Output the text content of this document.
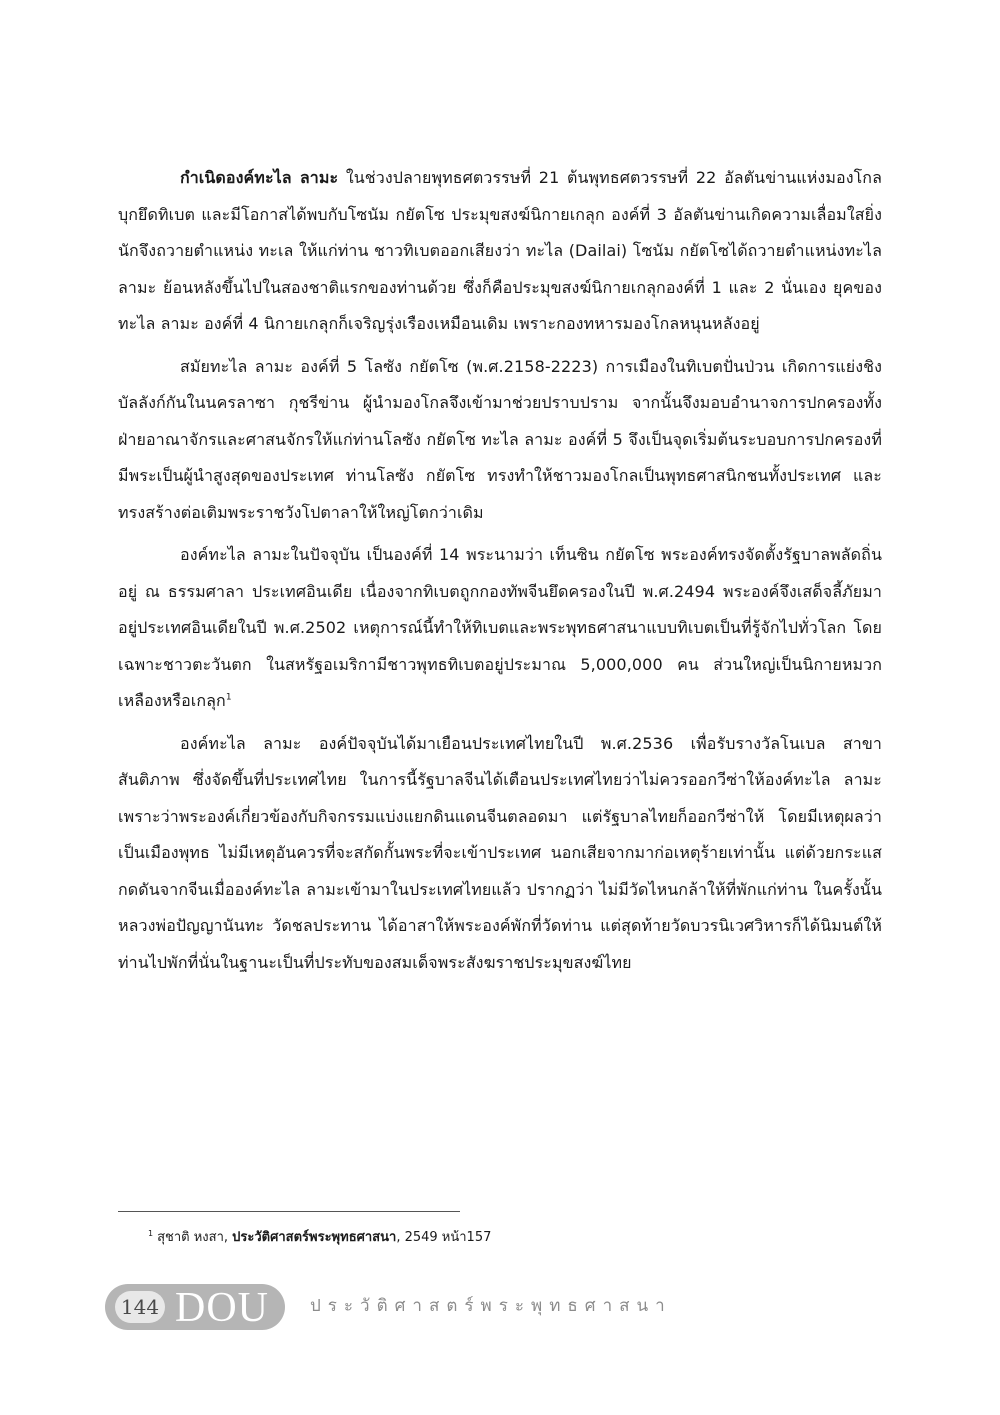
กำเนิดองค์ทะไล ลามะ ในช่วงปลายพุทธศตวรรษที่ 21 ต้นพุทธศตวรรษที่ 22 อัลตันข่านแห่งมองโกลบุกยึดทิเบต และมีโอกาสได้พบกับโซนัม กยัตโซ ประมุขสงฆ์นิกายเกลุก องค์ที่ 3 อัลตันข่านเกิดความเลื่อมใสยิ่งนักจึงถวายตำแหน่ง ทะเล ให้แก่ท่าน ชาวทิเบตออกเสียงว่า ทะไล (Dailai) โซนัม กยัตโซได้ถวายตำแหน่งทะไล ลามะ ย้อนหลังขึ้นไปในสองชาติแรกของท่านด้วย ซึ่งก็คือประมุขสงฆ์นิกายเกลุกองค์ที่ 1 และ 2 นั่นเอง ยุคของทะไล ลามะ องค์ที่ 4 นิกายเกลุกก็เจริญรุ่งเรืองเหมือนเดิม เพราะกองทหารมองโกลหนุนหลังอยู่

สมัยทะไล ลามะ องค์ที่ 5 โลซัง กยัตโซ (พ.ศ.2158-2223) การเมืองในทิเบตปั่นป่วน เกิดการแย่งชิงบัลลังก์กันในนครลาซา กุชรีข่าน ผู้นำมองโกลจึงเข้ามาช่วยปราบปราม จากนั้นจึงมอบอำนาจการปกครองทั้งฝ่ายอาณาจักรและศาสนจักรให้แก่ท่านโลซัง กยัตโซ ทะไล ลามะ องค์ที่ 5 จึงเป็นจุดเริ่มต้นระบอบการปกครองที่มีพระเป็นผู้นำสูงสุดของประเทศ ท่านโลซัง กยัตโซ ทรงทำให้ชาวมองโกลเป็นพุทธศาสนิกชนทั้งประเทศ และทรงสร้างต่อเติมพระราชวังโปตาลาให้ใหญ่โตกว่าเดิม

องค์ทะไล ลามะในปัจจุบัน เป็นองค์ที่ 14 พระนามว่า เท็นซิน กยัตโซ พระองค์ทรงจัดตั้งรัฐบาลพลัดถิ่นอยู่ ณ ธรรมศาลา ประเทศอินเดีย เนื่องจากทิเบตถูกกองทัพจีนยึดครองในปี พ.ศ.2494 พระองค์จึงเสด็จลี้ภัยมาอยู่ประเทศอินเดียในปี พ.ศ.2502 เหตุการณ์นี้ทำให้ทิเบตและพระพุทธศาสนาแบบทิเบตเป็นที่รู้จักไปทั่วโลก โดยเฉพาะชาวตะวันตก ในสหรัฐอเมริกามีชาวพุทธทิเบตอยู่ประมาณ 5,000,000 คน ส่วนใหญ่เป็นนิกายหมวกเหลืองหรือเกลุก$^1$

องค์ทะไล ลามะ องค์ปัจจุบันได้มาเยือนประเทศไทยในปี พ.ศ.2536 เพื่อรับรางวัลโนเบล สาขาสันติภาพ ซึ่งจัดขึ้นที่ประเทศไทย ในการนี้รัฐบาลจีนได้เตือนประเทศไทยว่าไม่ควรออกวีซ่าให้องค์ทะไล ลามะ เพราะว่าพระองค์เกี่ยวข้องกับกิจกรรมแบ่งแยกดินแดนจีนตลอดมา แต่รัฐบาลไทยก็ออกวีซ่าให้ โดยมีเหตุผลว่าเป็นเมืองพุทธ ไม่มีเหตุอันควรที่จะสกัดกั้นพระที่จะเข้าประเทศ นอกเสียจากมาก่อเหตุร้ายเท่านั้น แต่ด้วยกระแสกดดันจากจีนเมื่อองค์ทะไล ลามะเข้ามาในประเทศไทยแล้ว ปรากฏว่า ไม่มีวัดไหนกล้าให้ที่พักแก่ท่าน ในครั้งนั้น หลวงพ่อปัญญานันทะ วัดชลประทาน ได้อาสาให้พระองค์พักที่วัดท่าน แต่สุดท้ายวัดบวรนิเวศวิหารก็ได้นิมนต์ให้ท่านไปพักที่นั่นในฐานะเป็นที่ประทับของสมเด็จพระสังฆราชประมุขสงฆ์ไทย

$^1$ สุชาติ หงสา, ประวัติศาสตร์พระพุทธศาสนา, 2549 หน้า157
144 DOU ประวัติศาสตร์พระพุทธศาสนา
